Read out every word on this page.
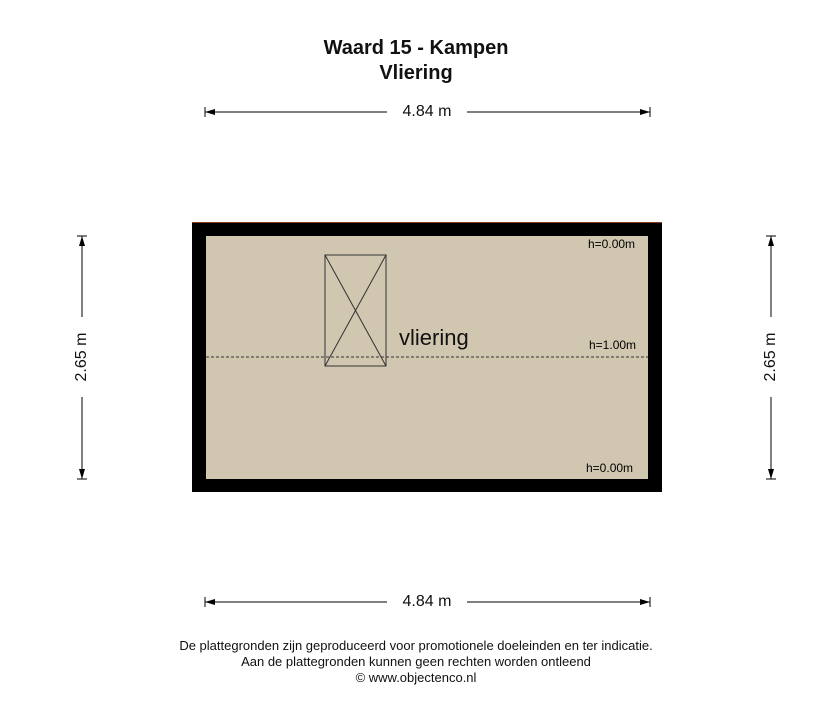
Waard 15 - Kampen
Vliering
4.84 m
4.84 m
2.65 m	2.65 m
vliering
h=0.00m
h=1.00m
h=0.00m
De plattegronden zijn geproduceerd voor promotionele doeleinden en ter indicatie.
Aan de plattegronden kunnen geen rechten worden ontleend
© www.objectenco.nl
